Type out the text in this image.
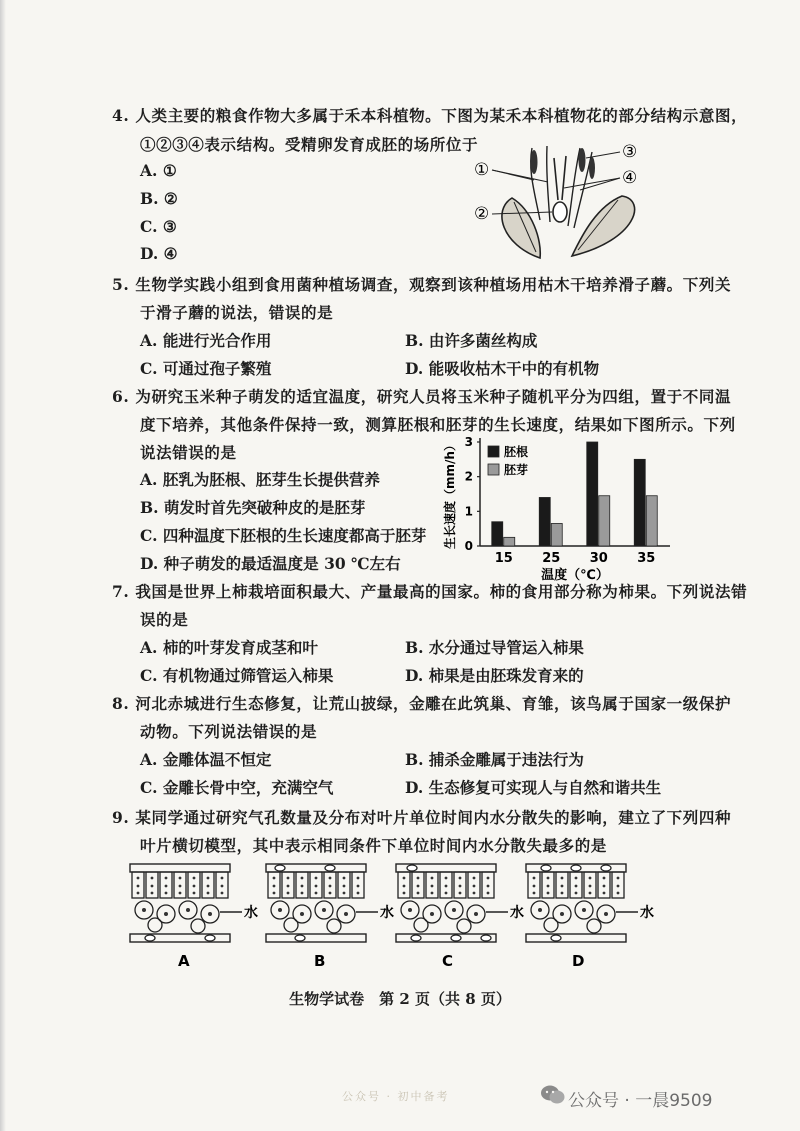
4. 人类主要的粮食作物大多属于禾本科植物。下图为某禾本科植物花的部分结构示意图，
①②③④表示结构。受精卵发育成胚的场所位于
A. ①
B. ②
C. ③
D. ④
①
②
③
④
5. 生物学实践小组到食用菌种植场调查，观察到该种植场用枯木干培养滑子蘑。下列关
于滑子蘑的说法，错误的是
A. 能进行光合作用	B. 由许多菌丝构成
C. 可通过孢子繁殖	D. 能吸收枯木干中的有机物
6. 为研究玉米种子萌发的适宜温度，研究人员将玉米种子随机平分为四组，置于不同温
度下培养，其他条件保持一致，测算胚根和胚芽的生长速度，结果如下图所示。下列
说法错误的是
A. 胚乳为胚根、胚芽生长提供营养
B. 萌发时首先突破种皮的是胚芽
C. 四种温度下胚根的生长速度都高于胚芽
D. 种子萌发的最适温度是 30 ℃左右
0
1
2
3
15 25 30 35
生长速度（mm/h）
温度（℃）
胚根
胚芽
7. 我国是世界上柿栽培面积最大、产量最高的国家。柿的食用部分称为柿果。下列说法错
误的是
A. 柿的叶芽发育成茎和叶	B. 水分通过导管运入柿果
C. 有机物通过筛管运入柿果	D. 柿果是由胚珠发育来的
8. 河北赤城进行生态修复，让荒山披绿，金雕在此筑巢、育雏，该鸟属于国家一级保护
动物。下列说法错误的是
A. 金雕体温不恒定	B. 捕杀金雕属于违法行为
C. 金雕长骨中空，充满空气	D. 生态修复可实现人与自然和谐共生
9. 某同学通过研究气孔数量及分布对叶片单位时间内水分散失的影响，建立了下列四种
叶片横切模型，其中表示相同条件下单位时间内水分散失最多的是
水	水	水	水
A	B	C	D
生物学试卷　第 2 页（共 8 页）
公众号 · 初中备考	公众号 · 一晨9509
